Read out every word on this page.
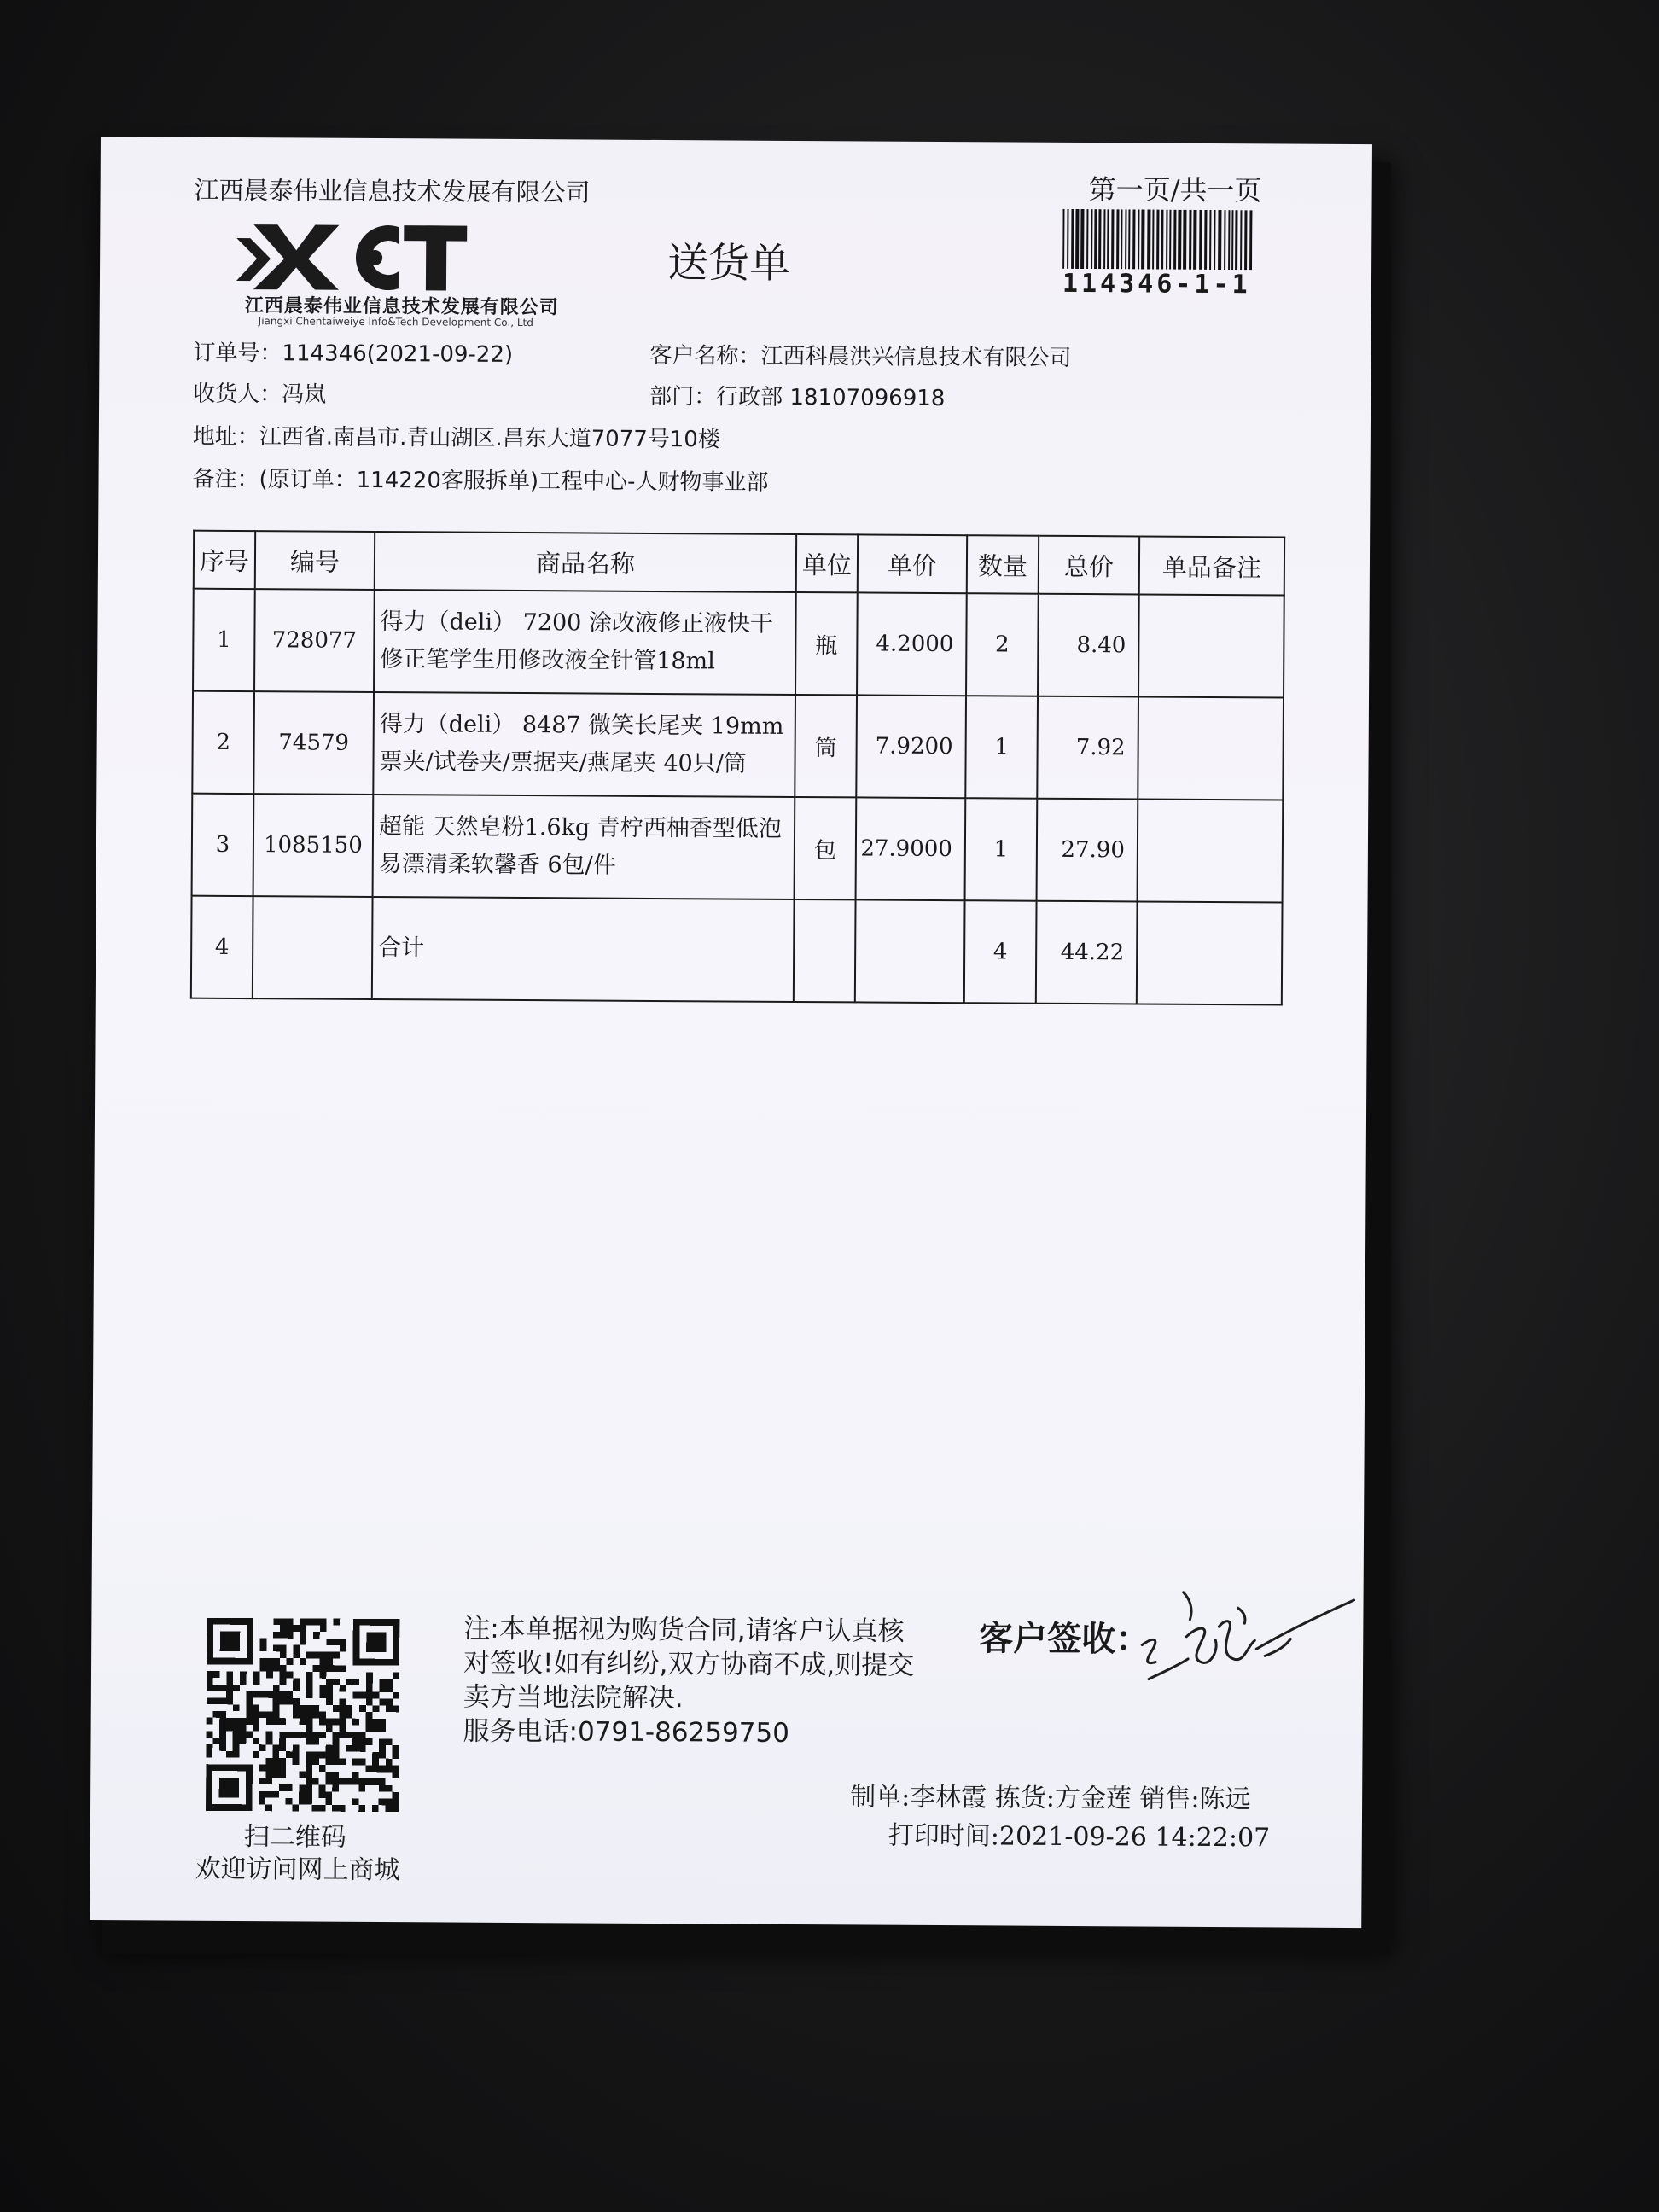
江西晨泰伟业信息技术发展有限公司	第一页/共一页
114346-1-1
江西晨泰伟业信息技术发展有限公司
Jiangxi Chentaiweiye Info&Tech Development Co., Ltd
送货单
订单号：114346(2021-09-22)	客户名称：江西科晨洪兴信息技术有限公司
收货人：冯岚	部门：行政部 18107096918
地址：江西省.南昌市.青山湖区.昌东大道7077号10楼
备注：(原订单：114220客服拆单)工程中心-人财物事业部
序号	编号	商品名称	单位	单价	数量	总价	单品备注
1	728077	得力（deli） 7200 涂改液修正液快干修正笔学生用修改液全针管18ml	瓶	4.2000	2	8.40	
2	74579	得力（deli） 8487 微笑长尾夹 19mm票夹/试卷夹/票据夹/燕尾夹 40只/筒	筒	7.9200	1	7.92	
3	1085150	超能 天然皂粉1.6kg 青柠西柚香型低泡易漂清柔软馨香 6包/件	包	27.9000	1	27.90	
4		合计			4	44.22	
扫二维码
欢迎访问网上商城
注:本单据视为购货合同,请客户认真核对签收!如有纠纷,双方协商不成,则提交卖方当地法院解决.
服务电话:0791-86259750
客户签收：
制单:李林霞 拣货:方金莲 销售:陈远
打印时间:2021-09-26 14:22:07
